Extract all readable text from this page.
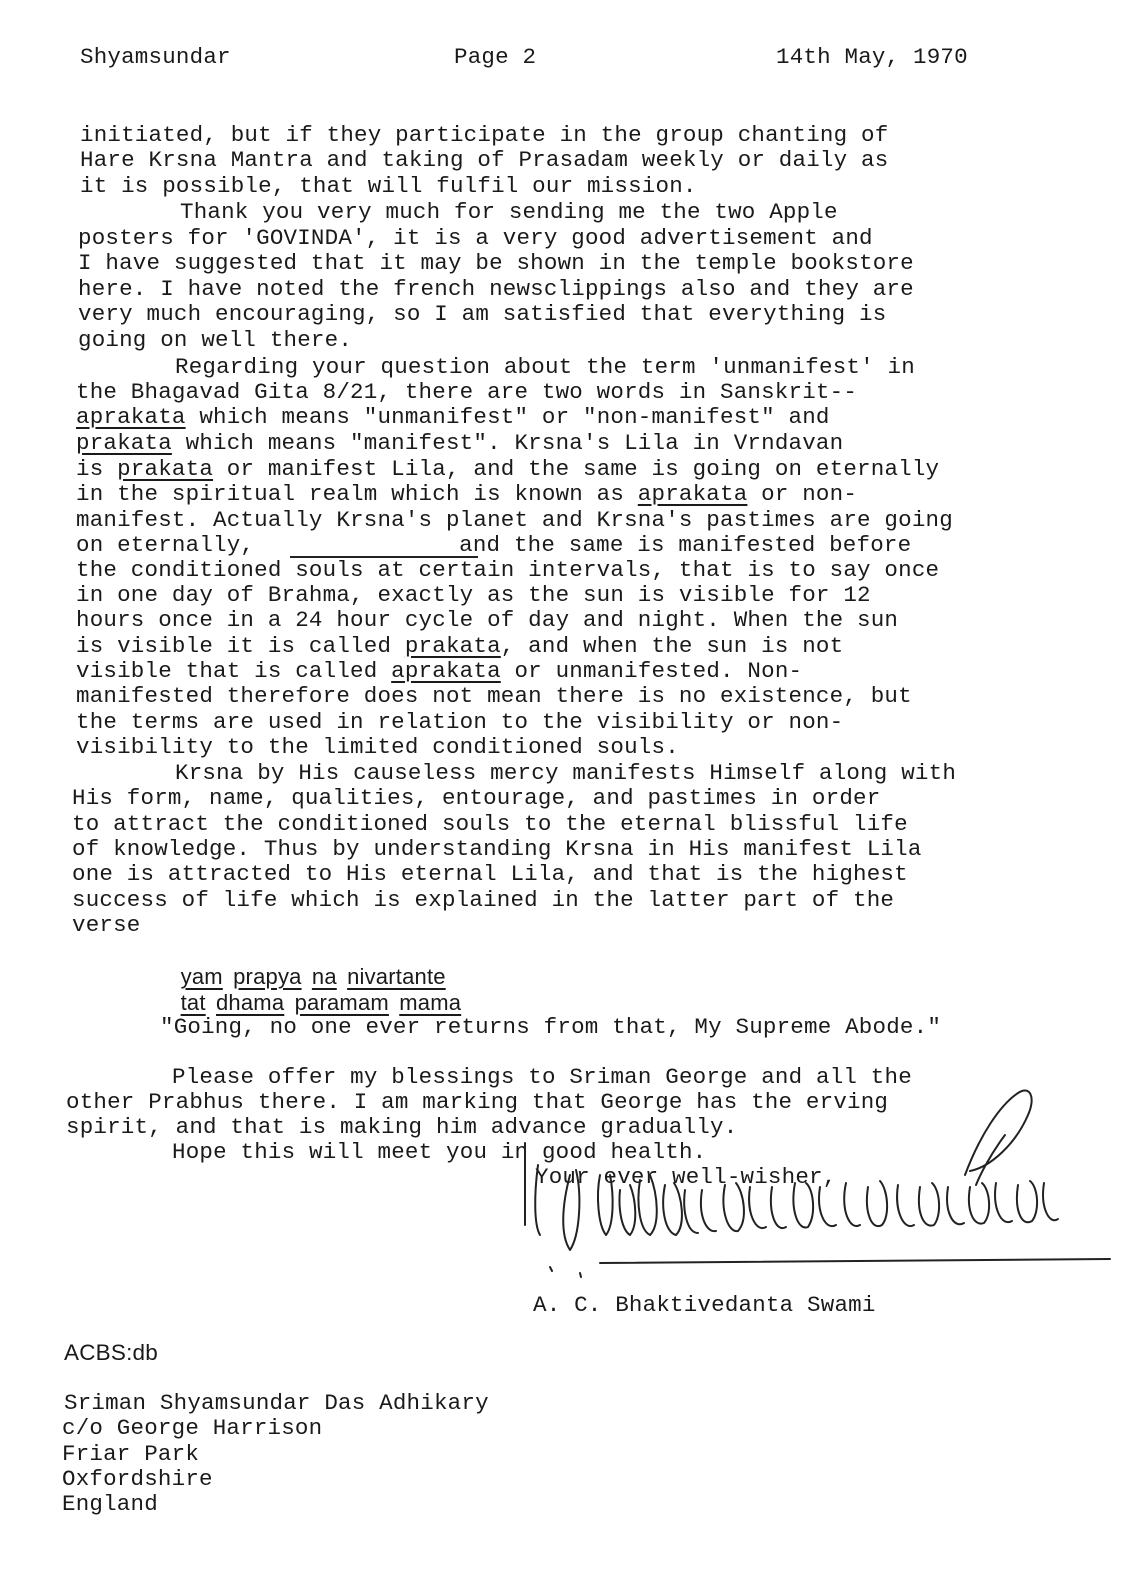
Shyamsundar	Page 2	14th May, 1970
initiated, but if they participate in the group chanting of
Hare Krsna Mantra and taking of Prasadam weekly or daily as
it is possible, that will fulfil our mission.
Thank you very much for sending me the two Apple
posters for 'GOVINDA', it is a very good advertisement and
I have suggested that it may be shown in the temple bookstore
here. I have noted the french newsclippings also and they are
very much encouraging, so I am satisfied that everything is
going on well there.
Regarding your question about the term 'unmanifest' in
the Bhagavad Gita 8/21, there are two words in Sanskrit--
aprakata which means "unmanifest" or "non-manifest" and
prakata which means "manifest". Krsna's Lila in Vrndavan
is prakata or manifest Lila, and the same is going on eternally
in the spiritual realm which is known as aprakata or non-
manifest. Actually Krsna's planet and Krsna's pastimes are going
on eternally,	and the same is manifested before
the conditioned souls at certain intervals, that is to say once
in one day of Brahma, exactly as the sun is visible for 12
hours once in a 24 hour cycle of day and night. When the sun
is visible it is called prakata, and when the sun is not
visible that is called aprakata or unmanifested. Non-
manifested therefore does not mean there is no existence, but
the terms are used in relation to the visibility or non-
visibility to the limited conditioned souls.
Krsna by His causeless mercy manifests Himself along with
His form, name, qualities, entourage, and pastimes in order
to attract the conditioned souls to the eternal blissful life
of knowledge. Thus by understanding Krsna in His manifest Lila
one is attracted to His eternal Lila, and that is the highest
success of life which is explained in the latter part of the
verse

yam prapya na nivartante

tat dhama paramam mama

"Going, no one ever returns from that, My Supreme Abode."
Please offer my blessings to Sriman George and all the
other Prabhus there. I am marking that George has the erving
spirit, and that is making him advance gradually.
Hope this will meet you in good health.
Your ever well-wisher,
A. C. Bhaktivedanta Swami
ACBS:db
Sriman Shyamsundar Das Adhikary
c/o George Harrison
Friar Park
Oxfordshire
England
